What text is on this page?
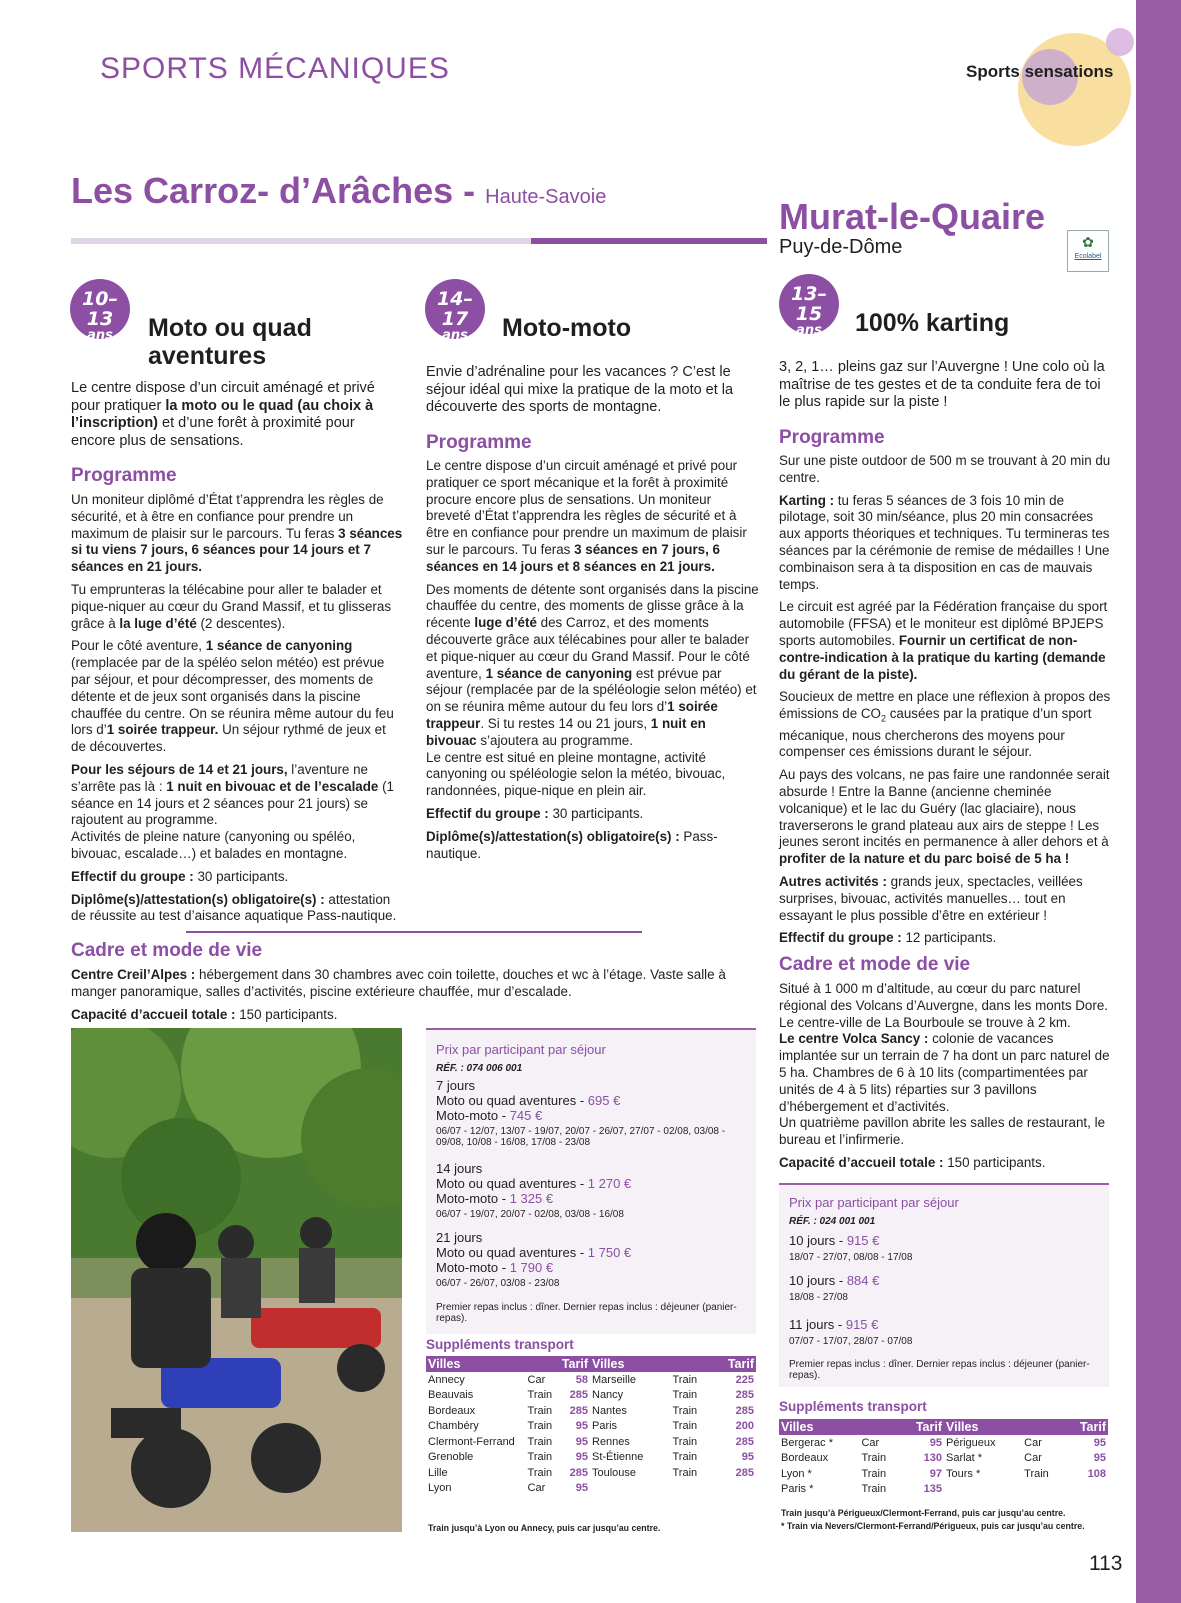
SPORTS MÉCANIQUES	Sports sensations
Les Carroz- d’Arâches - Haute-Savoie
10–13
ans	Moto ou quad
aventures
Le centre dispose d’un circuit aménagé et privé pour pratiquer la moto ou le quad (au choix à l’inscription) et d’une forêt à proximité pour encore plus de sensations.
Programme

Un moniteur diplômé d’État t’apprendra les règles de sécurité, et à être en confiance pour prendre un maximum de plaisir sur le parcours. Tu feras 3 séances si tu viens 7 jours, 6 séances pour 14 jours et 7 séances en 21 jours.

Tu emprunteras la télécabine pour aller te balader et pique-niquer au cœur du Grand Massif, et tu glisseras grâce à la luge d’été (2 descentes).

Pour le côté aventure, 1 séance de canyoning (remplacée par de la spéléo selon météo) est prévue par séjour, et pour décompresser, des moments de détente et de jeux sont organisés dans la piscine chauffée du centre. On se réunira même autour du feu lors d’1 soirée trappeur. Un séjour rythmé de jeux et de découvertes.

Pour les séjours de 14 et 21 jours, l’aventure ne s’arrête pas là : 1 nuit en bivouac et de l’escalade (1 séance en 14 jours et 2 séances pour 21 jours) se rajoutent au programme.

Activités de pleine nature (canyoning ou spéléo, bivouac, escalade…) et balades en montagne.

Effectif du groupe : 30 participants.

Diplôme(s)/attestation(s) obligatoire(s) : attestation de réussite au test d’aisance aquatique Pass-nautique.

14–17
ans	Moto-moto
Envie d’adrénaline pour les vacances ? C’est le séjour idéal qui mixe la pratique de la moto et la découverte des sports de montagne.
Programme

Le centre dispose d’un circuit aménagé et privé pour pratiquer ce sport mécanique et la forêt à proximité procure encore plus de sensations. Un moniteur breveté d’État t’apprendra les règles de sécurité et à être en confiance pour prendre un maximum de plaisir sur le parcours. Tu feras 3 séances en 7 jours, 6 séances en 14 jours et 8 séances en 21 jours.

Des moments de détente sont organisés dans la piscine chauffée du centre, des moments de glisse grâce à la récente luge d’été des Carroz, et des moments découverte grâce aux télécabines pour aller te balader et pique-niquer au cœur du Grand Massif. Pour le côté aventure, 1 séance de canyoning est prévue par séjour (remplacée par de la spéléologie selon météo) et on se réunira même autour du feu lors d’1 soirée trappeur. Si tu restes 14 ou 21 jours, 1 nuit en bivouac s’ajoutera au programme.

Le centre est situé en pleine montagne, activité canyoning ou spéléologie selon la météo, bivouac, randonnées, pique-nique en plein air.

Effectif du groupe : 30 participants.

Diplôme(s)/attestation(s) obligatoire(s) : Pass-nautique.

Cadre et mode de vie

Centre Creil’Alpes : hébergement dans 30 chambres avec coin toilette, douches et wc à l’étage. Vaste salle à manger panoramique, salles d’activités, piscine extérieure chauffée, mur d’escalade.

Capacité d’accueil totale : 150 participants.

Prix par participant par séjour
RÉF. : 074 006 001
7 jours
Moto ou quad aventures - 695 €
Moto-moto - 745 €
06/07 - 12/07, 13/07 - 19/07, 20/07 - 26/07, 27/07 - 02/08, 03/08 - 09/08, 10/08 - 16/08, 17/08 - 23/08
14 jours
Moto ou quad aventures - 1 270 €
Moto-moto - 1 325 €
06/07 - 19/07, 20/07 - 02/08, 03/08 - 16/08
21 jours
Moto ou quad aventures - 1 750 €
Moto-moto - 1 790 €
06/07 - 26/07, 03/08 - 23/08
Premier repas inclus : dîner. Dernier repas inclus : déjeuner (panier-repas).
Suppléments transport
Villes		Tarif
Annecy	Car	58
Beauvais	Train	285
Bordeaux	Train	285
Chambéry	Train	95
Clermont-Ferrand	Train	95
Grenoble	Train	95
Lille	Train	285
Lyon	Car	95
Villes		Tarif
Marseille	Train	225
Nancy	Train	285
Nantes	Train	285
Paris	Train	200
Rennes	Train	285
St-Étienne	Train	95
Toulouse	Train	285
Train jusqu’à Lyon ou Annecy, puis car jusqu’au centre.
Murat-le-Quaire
Puy-de-Dôme	✿
Ecolabel
13–15
ans	100% karting
3, 2, 1… pleins gaz sur l’Auvergne ! Une colo où la maîtrise de tes gestes et de ta conduite fera de toi le plus rapide sur la piste !
Programme

Sur une piste outdoor de 500 m se trouvant à 20 min du centre.

Karting : tu feras 5 séances de 3 fois 10 min de pilotage, soit 30 min/séance, plus 20 min consacrées aux apports théoriques et techniques. Tu termineras tes séances par la cérémonie de remise de médailles ! Une combinaison sera à ta disposition en cas de mauvais temps.

Le circuit est agréé par la Fédération française du sport automobile (FFSA) et le moniteur est diplômé BPJEPS sports automobiles. Fournir un certificat de non-contre-indication à la pratique du karting (demande du gérant de la piste).

Soucieux de mettre en place une réflexion à propos des émissions de $CO_2$ causées par la pratique d’un sport mécanique, nous chercherons des moyens pour compenser ces émissions durant le séjour.

Au pays des volcans, ne pas faire une randonnée serait absurde ! Entre la Banne (ancienne cheminée volcanique) et le lac du Guéry (lac glaciaire), nous traverserons le grand plateau aux airs de steppe ! Les jeunes seront incités en permanence à aller dehors et à profiter de la nature et du parc boisé de 5 ha !

Autres activités : grands jeux, spectacles, veillées surprises, bivouac, activités manuelles… tout en essayant le plus possible d’être en extérieur !

Effectif du groupe : 12 participants.

Cadre et mode de vie

Situé à 1 000 m d’altitude, au cœur du parc naturel régional des Volcans d’Auvergne, dans les monts Dore. Le centre-ville de La Bourboule se trouve à 2 km.

Le centre Volca Sancy : colonie de vacances implantée sur un terrain de 7 ha dont un parc naturel de 5 ha. Chambres de 6 à 10 lits (compartimentées par unités de 4 à 5 lits) réparties sur 3 pavillons d’hébergement et d’activités.

Un quatrième pavillon abrite les salles de restaurant, le bureau et l’infirmerie.

Capacité d’accueil totale : 150 participants.

Prix par participant par séjour
RÉF. : 024 001 001
10 jours - 915 €
18/07 - 27/07, 08/08 - 17/08
10 jours - 884 €
18/08 - 27/08
11 jours - 915 €
07/07 - 17/07, 28/07 - 07/08
Premier repas inclus : dîner. Dernier repas inclus : déjeuner (panier-repas).
Suppléments transport
Villes		Tarif
Bergerac *	Car	95
Bordeaux	Train	130
Lyon *	Train	97
Paris *	Train	135
Villes		Tarif
Périgueux	Car	95
Sarlat *	Car	95
Tours *	Train	108
Train jusqu’à Périgueux/Clermont-Ferrand, puis car jusqu’au centre.
* Train via Nevers/Clermont-Ferrand/Périgueux, puis car jusqu’au centre.
113
